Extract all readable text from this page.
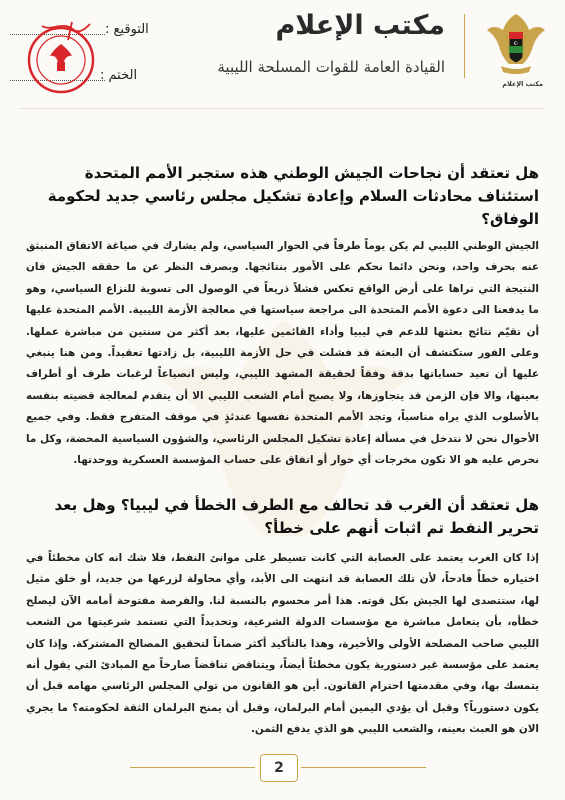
☪
مكتب الإعلام
مكتب الإعلام
القيادة العامة للقوات المسلحة الليبية
التوقيع :
الختم :
هل تعتقد أن نجاحات الجيش الوطني هذه ستجبر الأمم المتحدة استئناف محادثات السلام وإعادة تشكيل مجلس رئاسي جديد لحكومة الوفاق؟
الجيش الوطني الليبي لم يكن يوماً طرفاً في الحوار السياسي، ولم يشارك في صياغة الاتفاق المنبثق عنه بحرف واحد، ونحن دائما نحكم على الأمور بنتائجها. وبصرف النظر عن ما حققه الجيش فان النتيجة التي نراها على أرض الواقع تعكس فشلاً ذريعاً في الوصول الى تسوية للنزاع السياسي، وهو ما يدفعنا الى دعوة الأمم المتحدة الى مراجعة سياستها في معالجة الأزمة الليبية. الأمم المتحدة عليها أن تقيّم نتائج بعثتها للدعم في ليبيا وأداء القائمين عليها، بعد أكثر من سنتين من مباشرة عملها. وعلى الفور ستكتشف أن البعثة قد فشلت في حل الأزمة الليبية، بل زادتها تعقيداً. ومن هنا ينبغي عليها أن تعيد حساباتها بدقة وفقاً لحقيقة المشهد الليبي، وليس انصياعاً لرغبات طرف أو أطراف بعينها، والا فإن الزمن قد يتجاوزها، ولا يصبح أمام الشعب الليبي الا أن يتقدم لمعالجة قضيته بنفسه بالأسلوب الذي يراه مناسباً، وتجد الأمم المتحدة نفسها عندئذٍ في موقف المتفرج فقط. وفي جميع الأحوال نحن لا نتدخل في مسألة إعادة تشكيل المجلس الرئاسي، والشؤون السياسية المحضة، وكل ما نحرص عليه هو الا تكون مخرجات أي حوار أو اتفاق على حساب المؤسسة العسكرية ووحدتها.
هل تعتقد أن الغرب قد تحالف مع الطرف الخطأ في ليبيا؟ وهل بعد تحرير النفط تم اثبات أنهم على خطأ؟
إذا كان الغرب يعتمد على العصابة التي كانت تسيطر على موانئ النفط، فلا شك انه كان مخطئاً في اختياره خطأً فادحاً، لأن تلك العصابة قد انتهت الى الأبد، وأي محاولة لزرعها من جديد، أو خلق مثيل لها، ستتصدى لها الجيش بكل قوته. هذا أمر محسوم بالنسبة لنا. والفرصة مفتوحة أمامه الآن ليصلح خطأه، بأن يتعامل مباشرة مع مؤسسات الدولة الشرعية، وتحديداً التي تستمد شرعيتها من الشعب الليبي صاحب المصلحة الأولى والأخيرة، وهذا بالتأكيد أكثر ضماناً لتحقيق المصالح المشتركة. وإذا كان يعتمد على مؤسسة غير دستورية يكون مخطئاً أيضاً، ويتناقض تناقضاً صارخاً مع المبادئ التي يقول أنه يتمسك بها، وفي مقدمتها احترام القانون. أين هو القانون من تولي المجلس الرئاسي مهامه قبل أن يكون دستورياً؟ وقبل أن يؤدي اليمين أمام البرلمان، وقبل أن يمنح البرلمان الثقة لحكومته؟ ما يجري الان هو العبث بعينه، والشعب الليبي هو الذي يدفع الثمن.
2
